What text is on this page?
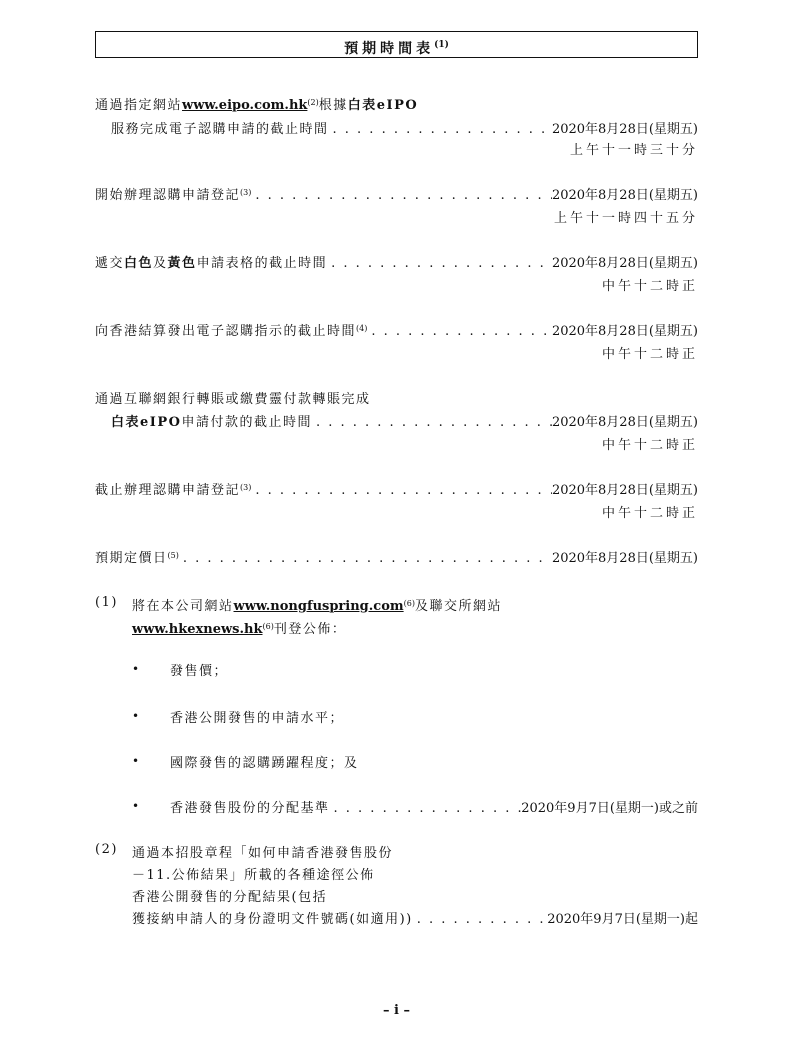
預期時間表$^{(1)}$
通過指定網站www.eipo.com.hk$^{(2)}$根據白表eIPO
服務完成電子認購申請的截止時間 . . .	2020年8月28日(星期五)
上午十一時三十分
開始辦理認購申請登記$^{(3)}$ . . .	2020年8月28日(星期五)
上午十一時四十五分
遞交白色及黃色申請表格的截止時間 . . .	2020年8月28日(星期五)
中午十二時正
向香港結算發出電子認購指示的截止時間$^{(4)}$ . . .	2020年8月28日(星期五)
中午十二時正
通過互聯網銀行轉賬或繳費靈付款轉賬完成
白表eIPO申請付款的截止時間 . . .	2020年8月28日(星期五)
中午十二時正
截止辦理認購申請登記$^{(3)}$ . . .	2020年8月28日(星期五)
中午十二時正
預期定價日$^{(5)}$ . . .	2020年8月28日(星期五)
(1) 將在本公司網站www.nongfuspring.com$^{(6)}$及聯交所網站
www.hkexnews.hk$^{(6)}$刊登公佈：
• 發售價；
• 香港公開發售的申請水平；
• 國際發售的認購踴躍程度；及
• 香港發售股份的分配基準 . . .	2020年9月7日(星期一)或之前
(2) 通過本招股章程「如何申請香港發售股份
－11.公佈結果」所載的各種途徑公佈
香港公開發售的分配結果(包括
獲接納申請人的身份證明文件號碼(如適用)) . . .	2020年9月7日(星期一)起
– i –
